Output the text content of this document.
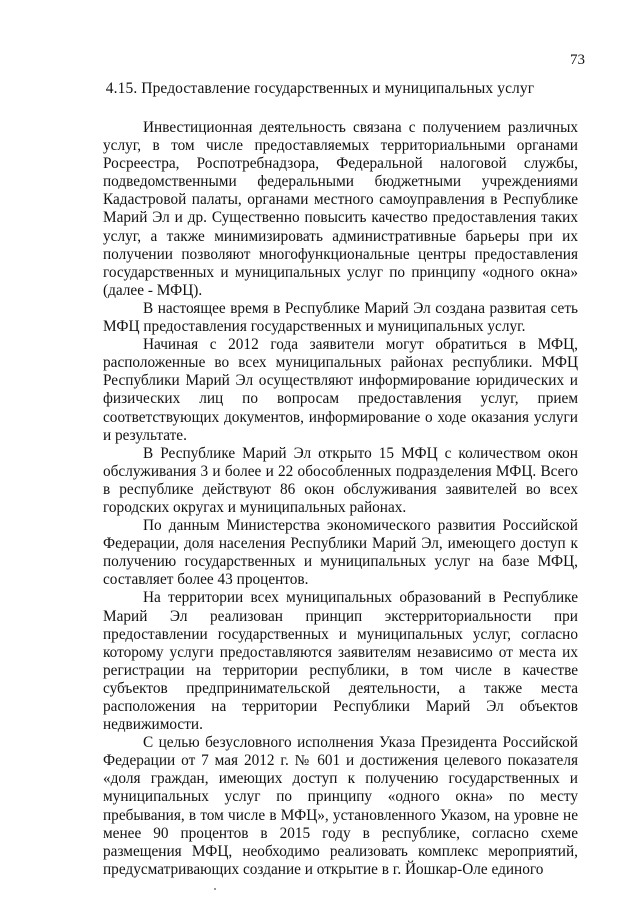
73
4.15. Предоставление государственных и муниципальных услуг

Инвестиционная деятельность связана с получением различных услуг, в том числе предоставляемых территориальными органами Росреестра, Роспотребнадзора, Федеральной налоговой службы, подведомственными федеральными бюджетными учреждениями Кадастровой палаты, органами местного самоуправления в Республике Марий Эл и др. Существенно повысить качество предоставления таких услуг, а также минимизировать административные барьеры при их получении позволяют многофункциональные центры предоставления государственных и муниципальных услуг по принципу «одного окна» (далее - МФЦ).

В настоящее время в Республике Марий Эл создана развитая сеть МФЦ предоставления государственных и муниципальных услуг.

Начиная с 2012 года заявители могут обратиться в МФЦ, расположенные во всех муниципальных районах республики. МФЦ Республики Марий Эл осуществляют информирование юридических и физических лиц по вопросам предоставления услуг, прием соответствующих документов, информирование о ходе оказания услуги и результате.

В Республике Марий Эл открыто 15 МФЦ с количеством окон обслуживания 3 и более и 22 обособленных подразделения МФЦ. Всего в республике действуют 86 окон обслуживания заявителей во всех городских округах и муниципальных районах.

По данным Министерства экономического развития Российской Федерации, доля населения Республики Марий Эл, имеющего доступ к получению государственных и муниципальных услуг на базе МФЦ, составляет более 43 процентов.

На территории всех муниципальных образований в Республике Марий Эл реализован принцип экстерриториальности при предоставлении государственных и муниципальных услуг, согласно которому услуги предоставляются заявителям независимо от места их регистрации на территории республики, в том числе в качестве субъектов предпринимательской деятельности, а также места расположения на территории Республики Марий Эл объектов недвижимости.

С целью безусловного исполнения Указа Президента Российской Федерации от 7 мая 2012 г. № 601 и достижения целевого показателя «доля граждан, имеющих доступ к получению государственных и муниципальных услуг по принципу «одного окна» по месту пребывания, в том числе в МФЦ», установленного Указом, на уровне не менее 90 процентов в 2015 году в республике, согласно схеме размещения МФЦ, необходимо реализовать комплекс мероприятий, предусматривающих создание и открытие в г. Йошкар-Оле единого
